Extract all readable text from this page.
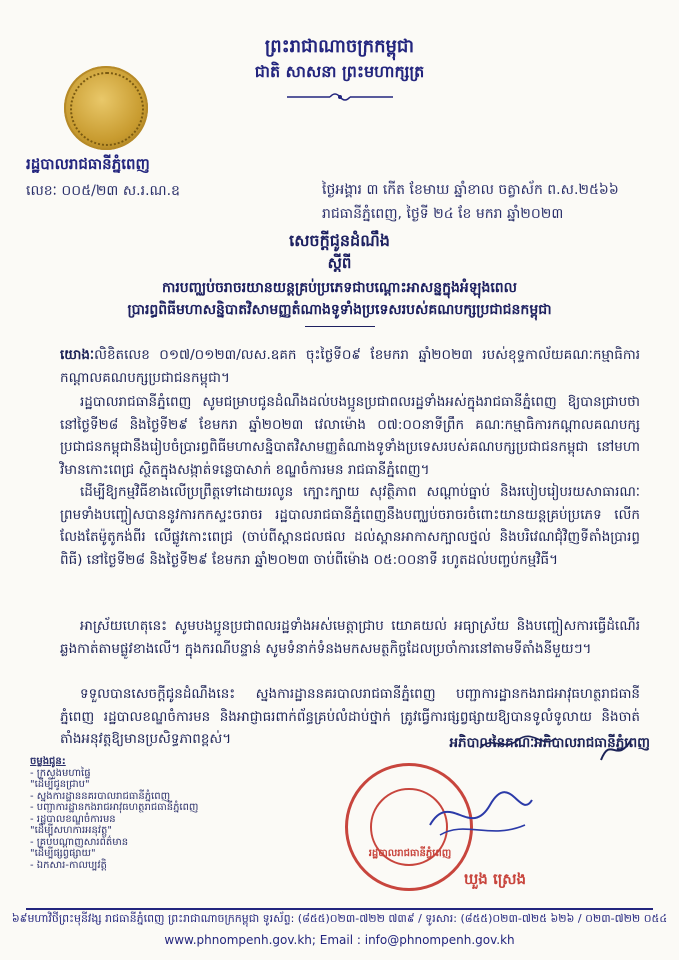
ព្រះរាជាណាចក្រកម្ពុជា
ជាតិ សាសនា ព្រះមហាក្សត្រ
រដ្ឋបាលរាជធានីភ្នំពេញ
លេខៈ ០០៥/២៣ ស.រ.ណ.ឧ	ថ្ងៃអង្គារ ៣ កើត ខែមាឃ ឆ្នាំខាល ចត្វាស័ក ព.ស.២៥៦៦
រាជធានីភ្នំពេញ, ថ្ងៃទី ២៤ ខែ មករា ឆ្នាំ២០២៣
សេចក្ដីជូនដំណឹង
ស្ដីពី
ការបញ្ឈប់ចរាចរយានយន្តគ្រប់ប្រភេទជាបណ្ដោះអាសន្នក្នុងអំឡុងពេល
ប្រារព្ធពិធីមហាសន្និបាតវិសាមញ្ញតំណាងទូទាំងប្រទេសរបស់គណបក្សប្រជាជនកម្ពុជា
យោងៈលិខិតលេខ ០១៧/០១២៣/លស.ឧគក ចុះថ្ងៃទី០៩ ខែមករា ឆ្នាំ២០២៣ របស់ខុទ្ទកាល័យគណៈកម្មាធិការកណ្ដាលគណបក្សប្រជាជនកម្ពុជា។
រដ្ឋបាលរាជធានីភ្នំពេញ សូមជម្រាបជូនដំណឹងដល់បងប្អូនប្រជាពលរដ្ឋទាំងអស់ក្នុងរាជធានីភ្នំពេញ ឱ្យបានជ្រាបថា នៅថ្ងៃទី២៨ និងថ្ងៃទី២៩ ខែមករា ឆ្នាំ២០២៣ វេលាម៉ោង ០៧:០០នាទីព្រឹក គណៈកម្មាធិការកណ្ដាលគណបក្សប្រជាជនកម្ពុជានឹងរៀបចំប្រារព្ធពិធីមហាសន្និបាតវិសាមញ្ញតំណាងទូទាំងប្រទេសរបស់គណបក្សប្រជាជនកម្ពុជា នៅមហាវិមានកោះពេជ្រ ស្ថិតក្នុងសង្កាត់ទន្លេបាសាក់ ខណ្ឌចំការមន រាជធានីភ្នំពេញ។
ដើម្បីឱ្យកម្មវិធីខាងលើប្រព្រឹត្តទៅដោយរលូន ក្បោះក្បាយ សុវត្ថិភាព សណ្ដាប់ធ្នាប់ និងរបៀបរៀបរយសាធារណៈ ព្រមទាំងបញ្ចៀសបាននូវការកកស្ទះចរាចរ រដ្ឋបាលរាជធានីភ្នំពេញនឹងបញ្ឈប់ចរាចរចំពោះយានយន្តគ្រប់ប្រភេទ លើកលែងតែម៉ូតូកង់ពីរ លើផ្លូវកោះពេជ្រ (ចាប់ពីស្ពានជលផល ដល់ស្ពានអាកាសក្បាលថ្នល់ និងបរិវេណជុំវិញទីតាំងប្រារព្ធពិធី) នៅថ្ងៃទី២៨ និងថ្ងៃទី២៩ ខែមករា ឆ្នាំ២០២៣ ចាប់ពីម៉ោង ០៥:០០នាទី រហូតដល់បញ្ចប់កម្មវិធី។
អាស្រ័យហេតុនេះ សូមបងប្អូនប្រជាពលរដ្ឋទាំងអស់មេត្តាជ្រាប យោគយល់ អធ្យាស្រ័យ និងបញ្ចៀសការធ្វើដំណើរឆ្លងកាត់តាមផ្លូវខាងលើ។ ក្នុងករណីបន្ទាន់ សូមទំនាក់ទំនងមកសមត្ថកិច្ចដែលប្រចាំការនៅតាមទីតាំងនីមួយៗ។
ទទួលបានសេចក្ដីជូនដំណឹងនេះ ស្នងការដ្ឋាននគរបាលរាជធានីភ្នំពេញ បញ្ជាការដ្ឋានកងរាជអាវុធហត្ថរាជធានីភ្នំពេញ រដ្ឋបាលខណ្ឌចំការមន និងអាជ្ញាធរពាក់ព័ន្ធគ្រប់លំដាប់ថ្នាក់ ត្រូវធ្វើការផ្សព្វផ្សាយឱ្យបានទូលំទូលាយ និងចាត់តាំងអនុវត្តឱ្យមានប្រសិទ្ធភាពខ្ពស់។	អភិបាលនៃគណៈអភិបាលរាជធានីភ្នំពេញ
ចម្លងជូន:
- ក្រសួងមហាផ្ទៃ
"ដើម្បីជូនជ្រាប"
- ស្នងការដ្ឋាននគរបាលរាជធានីភ្នំពេញ
- បញ្ជាការដ្ឋានកងរាជអាវុធហត្ថរាជធានីភ្នំពេញ
- រដ្ឋបាលខណ្ឌចំការមន
"ដើម្បីសហការអនុវត្ត"
- គ្រប់បណ្ដាញសារព័ត៌មាន
"ដើម្បីផ្សព្វផ្សាយ"
- ឯកសារ-កាលប្បវត្តិ
រដ្ឋបាលរាជធានីភ្នំពេញ
ឃួង ស្រេង
៦៩មហាវិថីព្រះមុនីវង្ស រាជធានីភ្នំពេញ ព្រះរាជាណាចក្រកម្ពុជា ទូរស័ព្ទ: (៨៥៥)០២៣-៧២២ ៧៣៩ / ទូរសារ: (៨៥៥)០២៣-៧២៥ ៦២៦ / ០២៣-៧២២ ០៥៤
www.phnompenh.gov.kh; Email : info@phnompenh.gov.kh
